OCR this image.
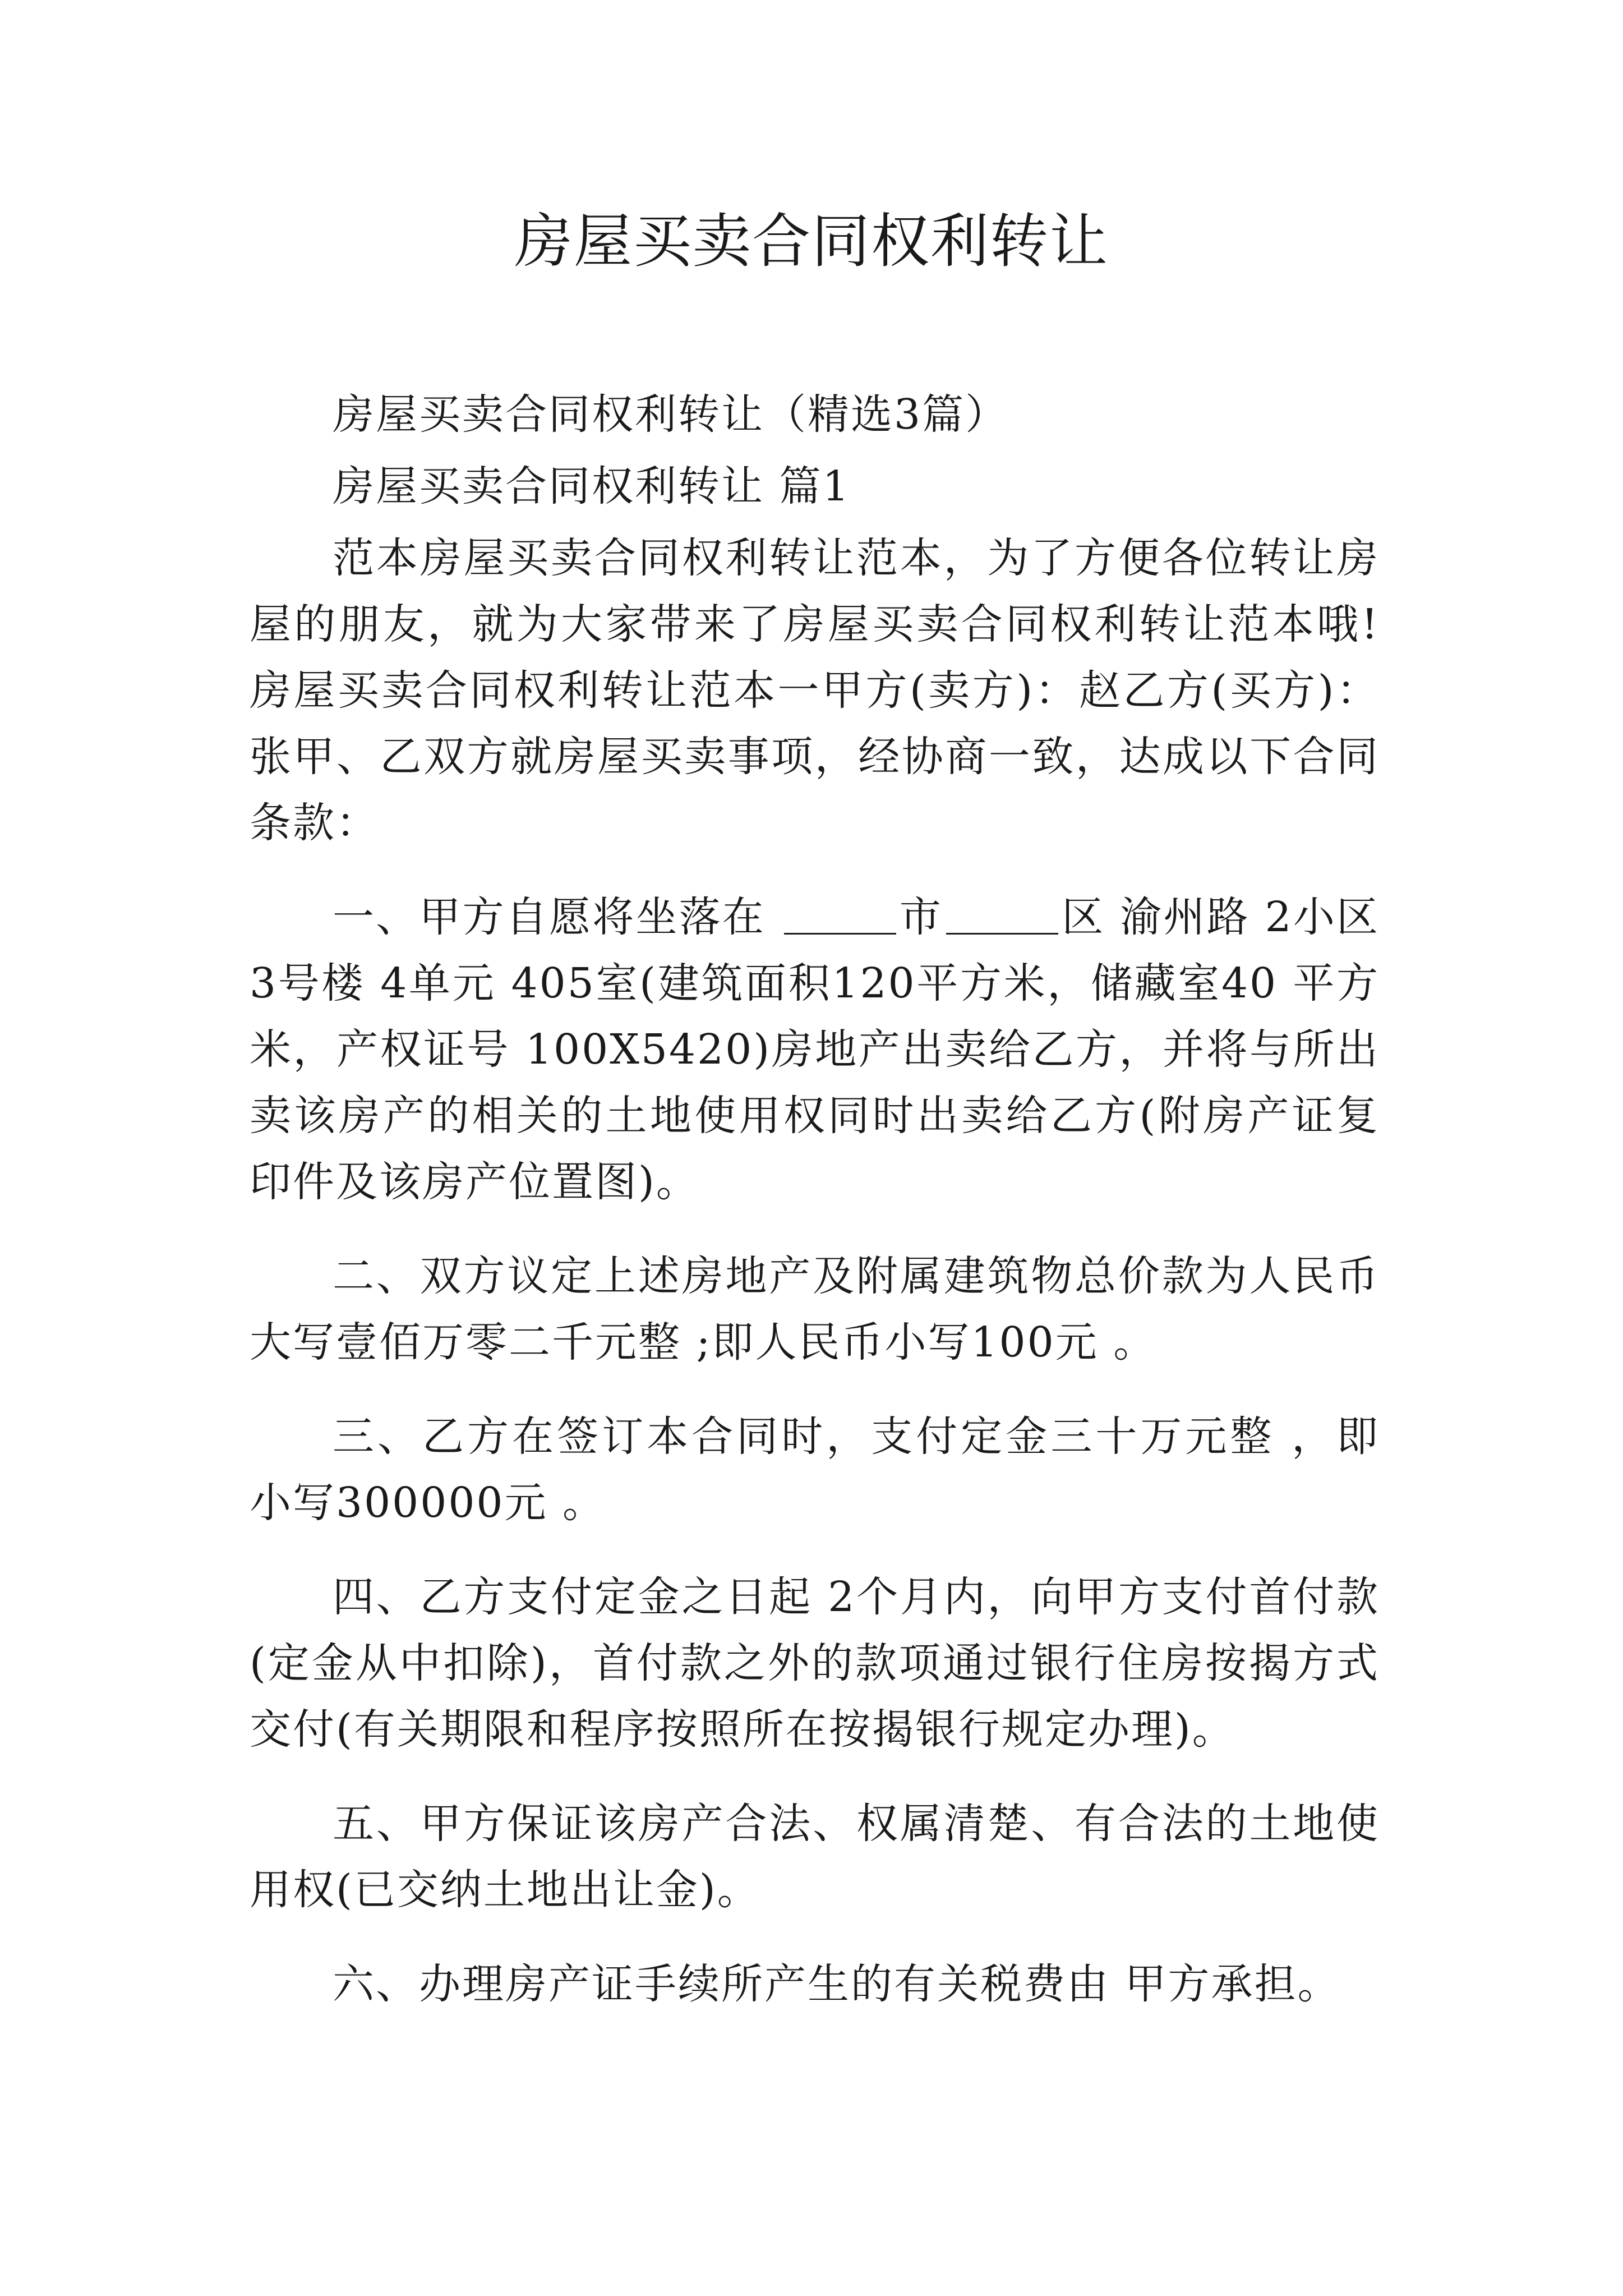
房屋买卖合同权利转让

房屋买卖合同权利转让（精选3篇）

房屋买卖合同权利转让 篇1

范本房屋买卖合同权利转让范本，为了方便各位转让房屋的朋友，就为大家带来了房屋买卖合同权利转让范本哦!房屋买卖合同权利转让范本一甲方(卖方)：赵乙方(买方)：张甲、乙双方就房屋买卖事项，经协商一致，达成以下合同条款：

一、甲方自愿将坐落在	市	区 渝州路 2小区3号楼 4单元 405室(建筑面积120平方米，储藏室40 平方米，产权证号 100X5420)房地产出卖给乙方，并将与所出卖该房产的相关的土地使用权同时出卖给乙方(附房产证复印件及该房产位置图)。

二、双方议定上述房地产及附属建筑物总价款为人民币大写壹佰万零二千元整 ;即人民币小写100元 。

三、乙方在签订本合同时，支付定金三十万元整 ，即小写300000元 。

四、乙方支付定金之日起 2个月内，向甲方支付首付款(定金从中扣除)，首付款之外的款项通过银行住房按揭方式交付(有关期限和程序按照所在按揭银行规定办理)。

五、甲方保证该房产合法、权属清楚、有合法的土地使用权(已交纳土地出让金)。

六、办理房产证手续所产生的有关税费由 甲方承担。
